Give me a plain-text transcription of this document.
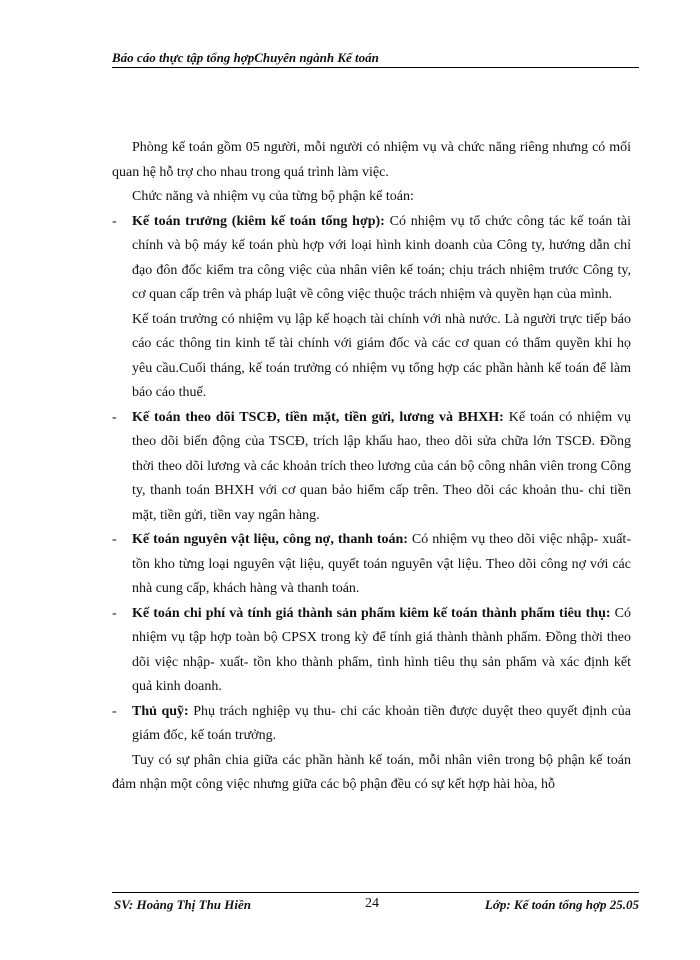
Báo cáo thực tập tổng hợpChuyên ngành Kế toán

Phòng kế toán gồm 05 người, mỗi người có nhiệm vụ và chức năng riêng nhưng có mối quan hệ hỗ trợ cho nhau trong quá trình làm việc.

Chức năng và nhiệm vụ của từng bộ phận kế toán:

- Kế toán trưởng (kiêm kế toán tổng hợp): Có nhiệm vụ tổ chức công tác kế toán tài chính và bộ máy kế toán phù hợp với loại hình kinh doanh của Công ty, hướng dẫn chỉ đạo đôn đốc kiểm tra công việc của nhân viên kế toán; chịu trách nhiệm trước Công ty, cơ quan cấp trên và pháp luật về công việc thuộc trách nhiệm và quyền hạn của mình.

Kế toán trưởng có nhiệm vụ lập kế hoạch tài chính với nhà nước. Là người trực tiếp báo cáo các thông tin kinh tế tài chính với giám đốc và các cơ quan có thẩm quyền khi họ yêu cầu.Cuối tháng, kế toán trưởng có nhiệm vụ tổng hợp các phần hành kế toán để làm báo cáo thuế.

- Kế toán theo dõi TSCĐ, tiền mặt, tiền gửi, lương và BHXH: Kế toán có nhiệm vụ theo dõi biến động của TSCĐ, trích lập khấu hao, theo dõi sửa chữa lớn TSCĐ. Đồng thời theo dõi lương và các khoản trích theo lương của cán bộ công nhân viên trong Công ty, thanh toán BHXH với cơ quan bảo hiểm cấp trên. Theo dõi các khoản thu- chi tiền mặt, tiền gửi, tiền vay ngân hàng.

- Kế toán nguyên vật liệu, công nợ, thanh toán: Có nhiệm vụ theo dõi việc nhập- xuất- tồn kho từng loại nguyên vật liệu, quyết toán nguyên vật liệu. Theo dõi công nợ với các nhà cung cấp, khách hàng và thanh toán.

- Kế toán chi phí và tính giá thành sản phẩm kiêm kế toán thành phẩm tiêu thụ: Có nhiệm vụ tập hợp toàn bộ CPSX trong kỳ để tính giá thành thành phẩm. Đồng thời theo dõi việc nhập- xuất- tồn kho thành phẩm, tình hình tiêu thụ sản phẩm và xác định kết quả kinh doanh.

- Thủ quỹ: Phụ trách nghiệp vụ thu- chi các khoản tiền được duyệt theo quyết định của giám đốc, kế toán trưởng.

Tuy có sự phân chia giữa các phần hành kế toán, mỗi nhân viên trong bộ phận kế toán đảm nhận một công việc nhưng giữa các bộ phận đều có sự kết hợp hài hòa, hỗ

SV: Hoàng Thị Thu Hiền	24	Lớp: Kế toán tổng hợp 25.05
